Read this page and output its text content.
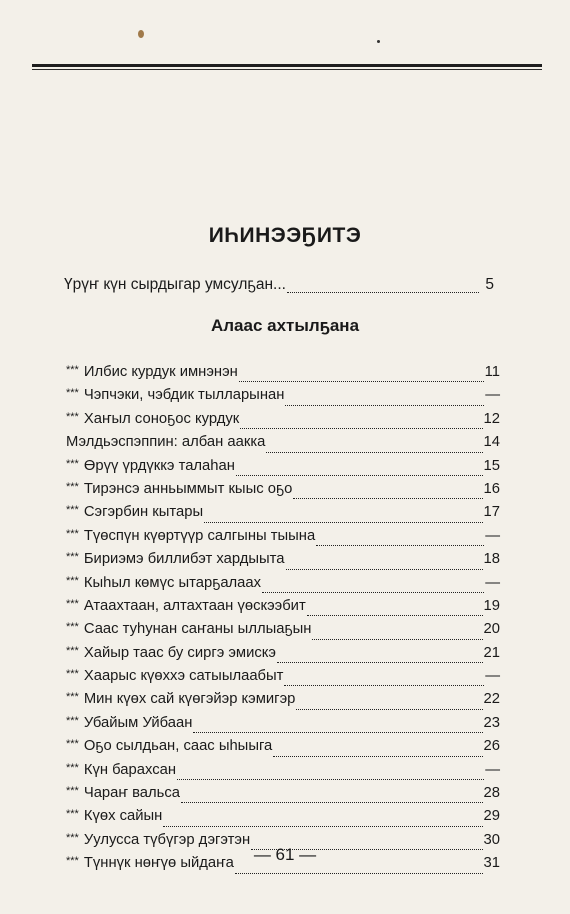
ИҺИНЭЭҔИТЭ
Үрүҥ күн сырдыгар умсулҕан...	5
Алаас ахтылҕана
*** Илбис курдук имнэнэн	11
*** Чэпчэки, чэбдик тылларынан	—
*** Хаҥыл соноҕос курдук	12
Мэлдьэспэппин: албан аакка	14
*** Өрүү үрдүккэ талаһан	15
*** Тирэнсэ анньыммыт кыыс оҕо	16
*** Сэгэрбин кытары	17
*** Түөспүн күөртүүр салгыны тыына	—
*** Бириэмэ биллибэт хардыыта	18
*** Кыһыл көмүс ытарҕалаах	—
*** Атаахтаан, алтахтаан үөскээбит	19
*** Саас туһунан саҥаны ыллыаҕын	20
*** Хайыр таас бу сиргэ эмискэ	21
*** Хаарыс күөххэ сатыылаабыт	—
*** Мин күөх сай күөгэйэр кэмигэр	22
*** Убайым Уйбаан	23
*** Оҕо сылдьан, саас ыһыыга	26
*** Күн барахсан	—
*** Чараҥ вальса	28
*** Күөх сайын	29
*** Уулусса түбүгэр дэгэтэн	30
*** Түннүк нөҥүө ыйдаҥа	31
— 61 —
